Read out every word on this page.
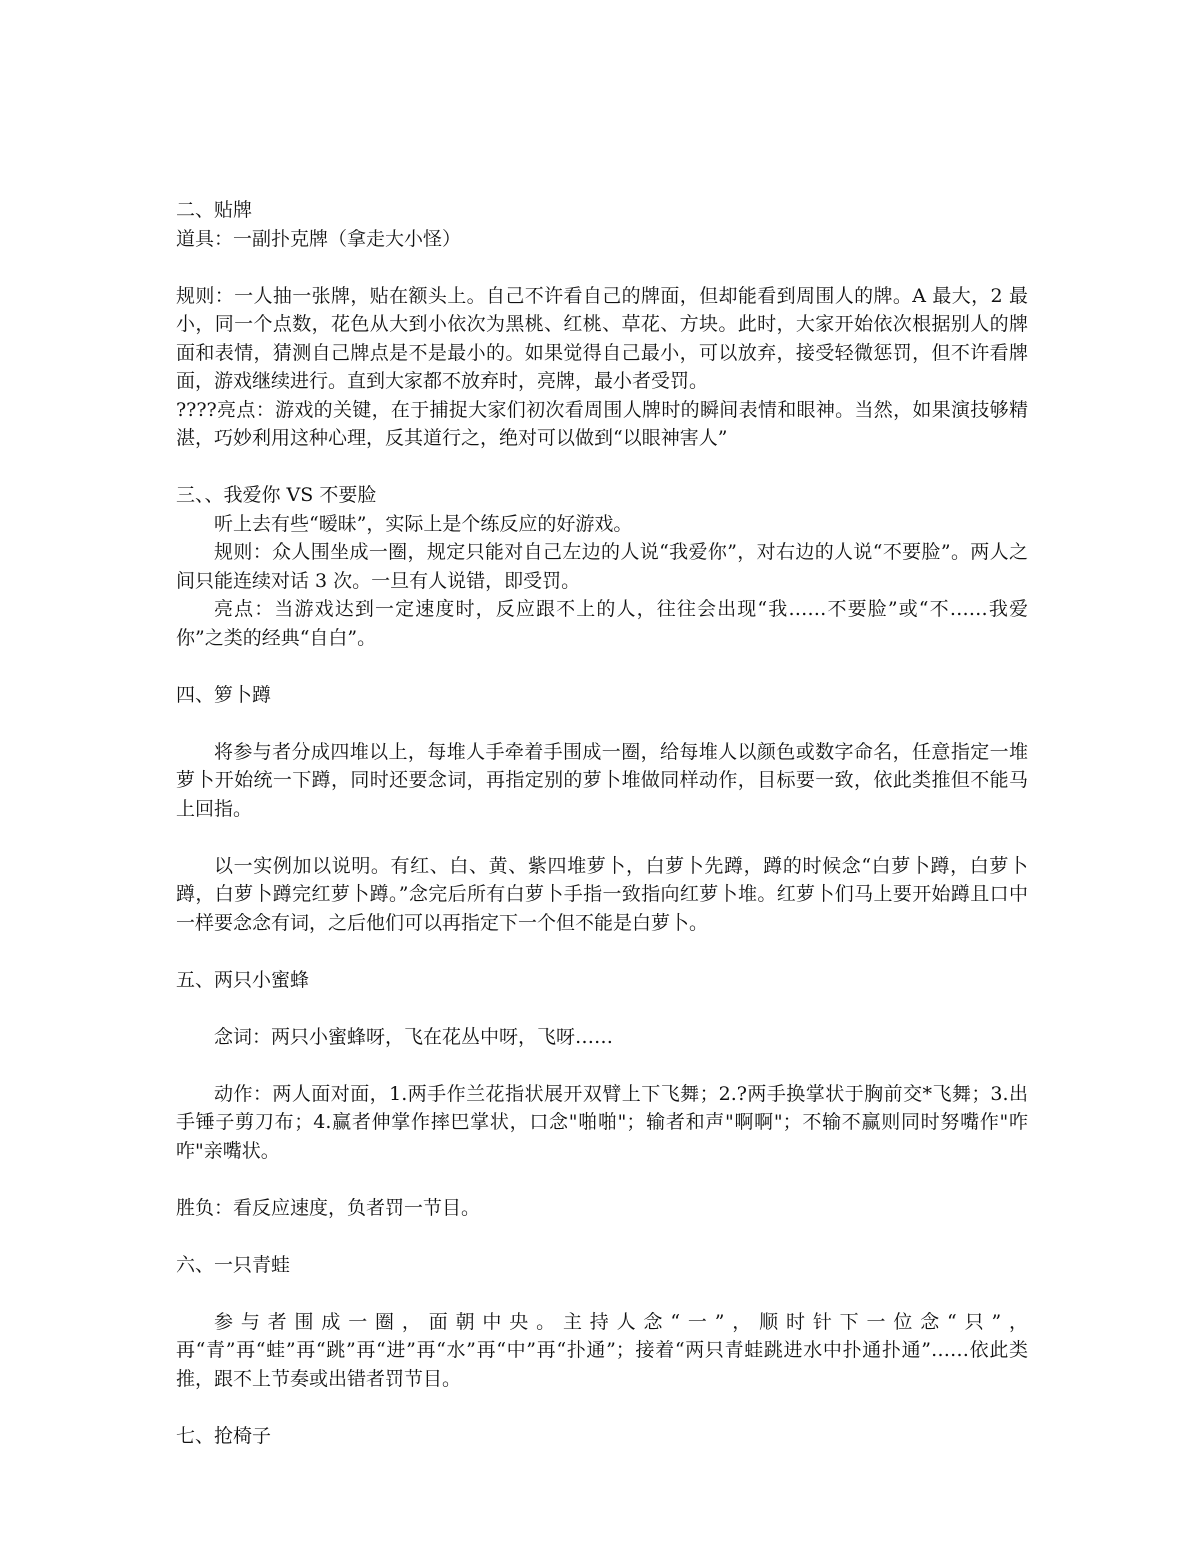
二、贴牌

道具：一副扑克牌（拿走大小怪）

规则：一人抽一张牌，贴在额头上。自己不许看自己的牌面，但却能看到周围人的牌。A 最大，2 最小，同一个点数，花色从大到小依次为黑桃、红桃、草花、方块。此时，大家开始依次根据别人的牌面和表情，猜测自己牌点是不是最小的。如果觉得自己最小，可以放弃，接受轻微惩罚，但不许看牌面，游戏继续进行。直到大家都不放弃时，亮牌，最小者受罚。

????亮点：游戏的关键，在于捕捉大家们初次看周围人牌时的瞬间表情和眼神。当然，如果演技够精湛，巧妙利用这种心理，反其道行之，绝对可以做到“以眼神害人”

三、、我爱你 VS 不要脸

听上去有些“暧昧”，实际上是个练反应的好游戏。

规则：众人围坐成一圈，规定只能对自己左边的人说“我爱你”，对右边的人说“不要脸”。两人之间只能连续对话 3 次。一旦有人说错，即受罚。

亮点：当游戏达到一定速度时，反应跟不上的人，往往会出现“我……不要脸”或“不……我爱你”之类的经典“自白”。

四、箩卜蹲

将参与者分成四堆以上，每堆人手牵着手围成一圈，给每堆人以颜色或数字命名，任意指定一堆萝卜开始统一下蹲，同时还要念词，再指定别的萝卜堆做同样动作，目标要一致，依此类推但不能马上回指。

以一实例加以说明。有红、白、黄、紫四堆萝卜，白萝卜先蹲，蹲的时候念“白萝卜蹲，白萝卜蹲，白萝卜蹲完红萝卜蹲。”念完后所有白萝卜手指一致指向红萝卜堆。红萝卜们马上要开始蹲且口中一样要念念有词，之后他们可以再指定下一个但不能是白萝卜。

五、两只小蜜蜂

念词：两只小蜜蜂呀，飞在花丛中呀，飞呀……

动作：两人面对面，1.两手作兰花指状展开双臂上下飞舞；2.?两手换掌状于胸前交*飞舞；3.出手锤子剪刀布；4.赢者伸掌作摔巴掌状，口念"啪啪"；输者和声"啊啊"；不输不赢则同时努嘴作"咋咋"亲嘴状。

胜负：看反应速度，负者罚一节目。

六、一只青蛙

参与者围成一圈，面朝中央。主持人念“一”，顺时针下一位念“只”，再“青”再“蛙”再“跳”再“进”再“水”再“中”再“扑通”；接着“两只青蛙跳进水中扑通扑通”……依此类推，跟不上节奏或出错者罚节目。

七、抢椅子
